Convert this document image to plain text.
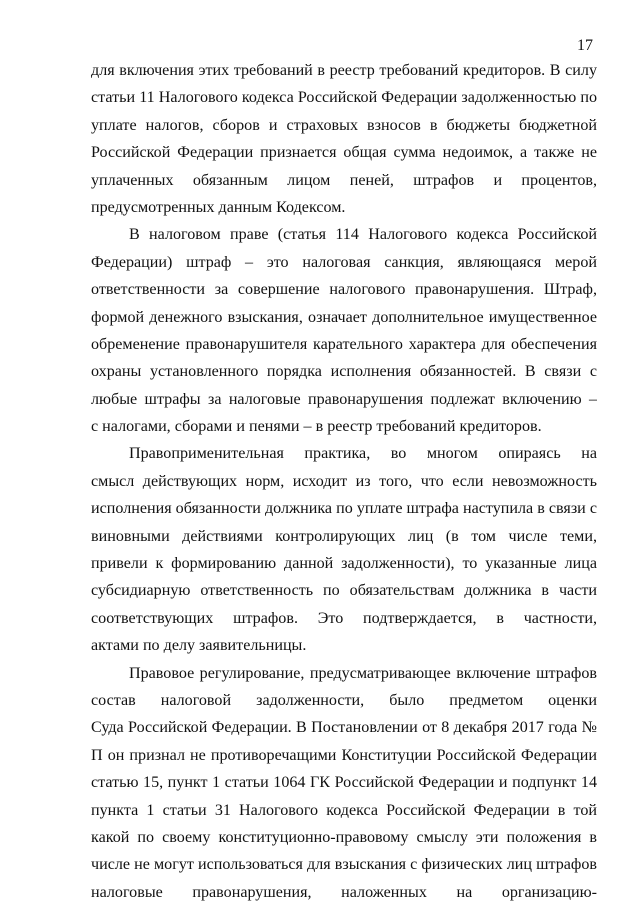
17
для включения этих требований в реестр требований кредиторов. В силу
статьи 11 Налогового кодекса Российской Федерации задолженностью по
уплате налогов, сборов и страховых взносов в бюджеты бюджетной
Российской Федерации признается общая сумма недоимок, а также не
уплаченных обязанным лицом пеней, штрафов и процентов,
предусмотренных данным Кодексом.
В налоговом праве (статья 114 Налогового кодекса Российской
Федерации) штраф – это налоговая санкция, являющаяся мерой
ответственности за совершение налогового правонарушения. Штраф,
формой денежного взыскания, означает дополнительное имущественное
обременение правонарушителя карательного характера для обеспечения
охраны установленного порядка исполнения обязанностей. В связи с
любые штрафы за налоговые правонарушения подлежат включению –
с налогами, сборами и пенями – в реестр требований кредиторов.
Правоприменительная практика, во многом опираясь на
смысл действующих норм, исходит из того, что если невозможность
исполнения обязанности должника по уплате штрафа наступила в связи с
виновными действиями контролирующих лиц (в том числе теми,
привели к формированию данной задолженности), то указанные лица
субсидиарную ответственность по обязательствам должника в части
соответствующих штрафов. Это подтверждается, в частности,
актами по делу заявительницы.
Правовое регулирование, предусматривающее включение штрафов
состав налоговой задолженности, было предметом оценки
Суда Российской Федерации. В Постановлении от 8 декабря 2017 года №
П он признал не противоречащими Конституции Российской Федерации
статью 15, пункт 1 статьи 1064 ГК Российской Федерации и подпункт 14
пункта 1 статьи 31 Налогового кодекса Российской Федерации в той
какой по своему конституционно-правовому смыслу эти положения в
числе не могут использоваться для взыскания с физических лиц штрафов
налоговые правонарушения, наложенных на организацию-
